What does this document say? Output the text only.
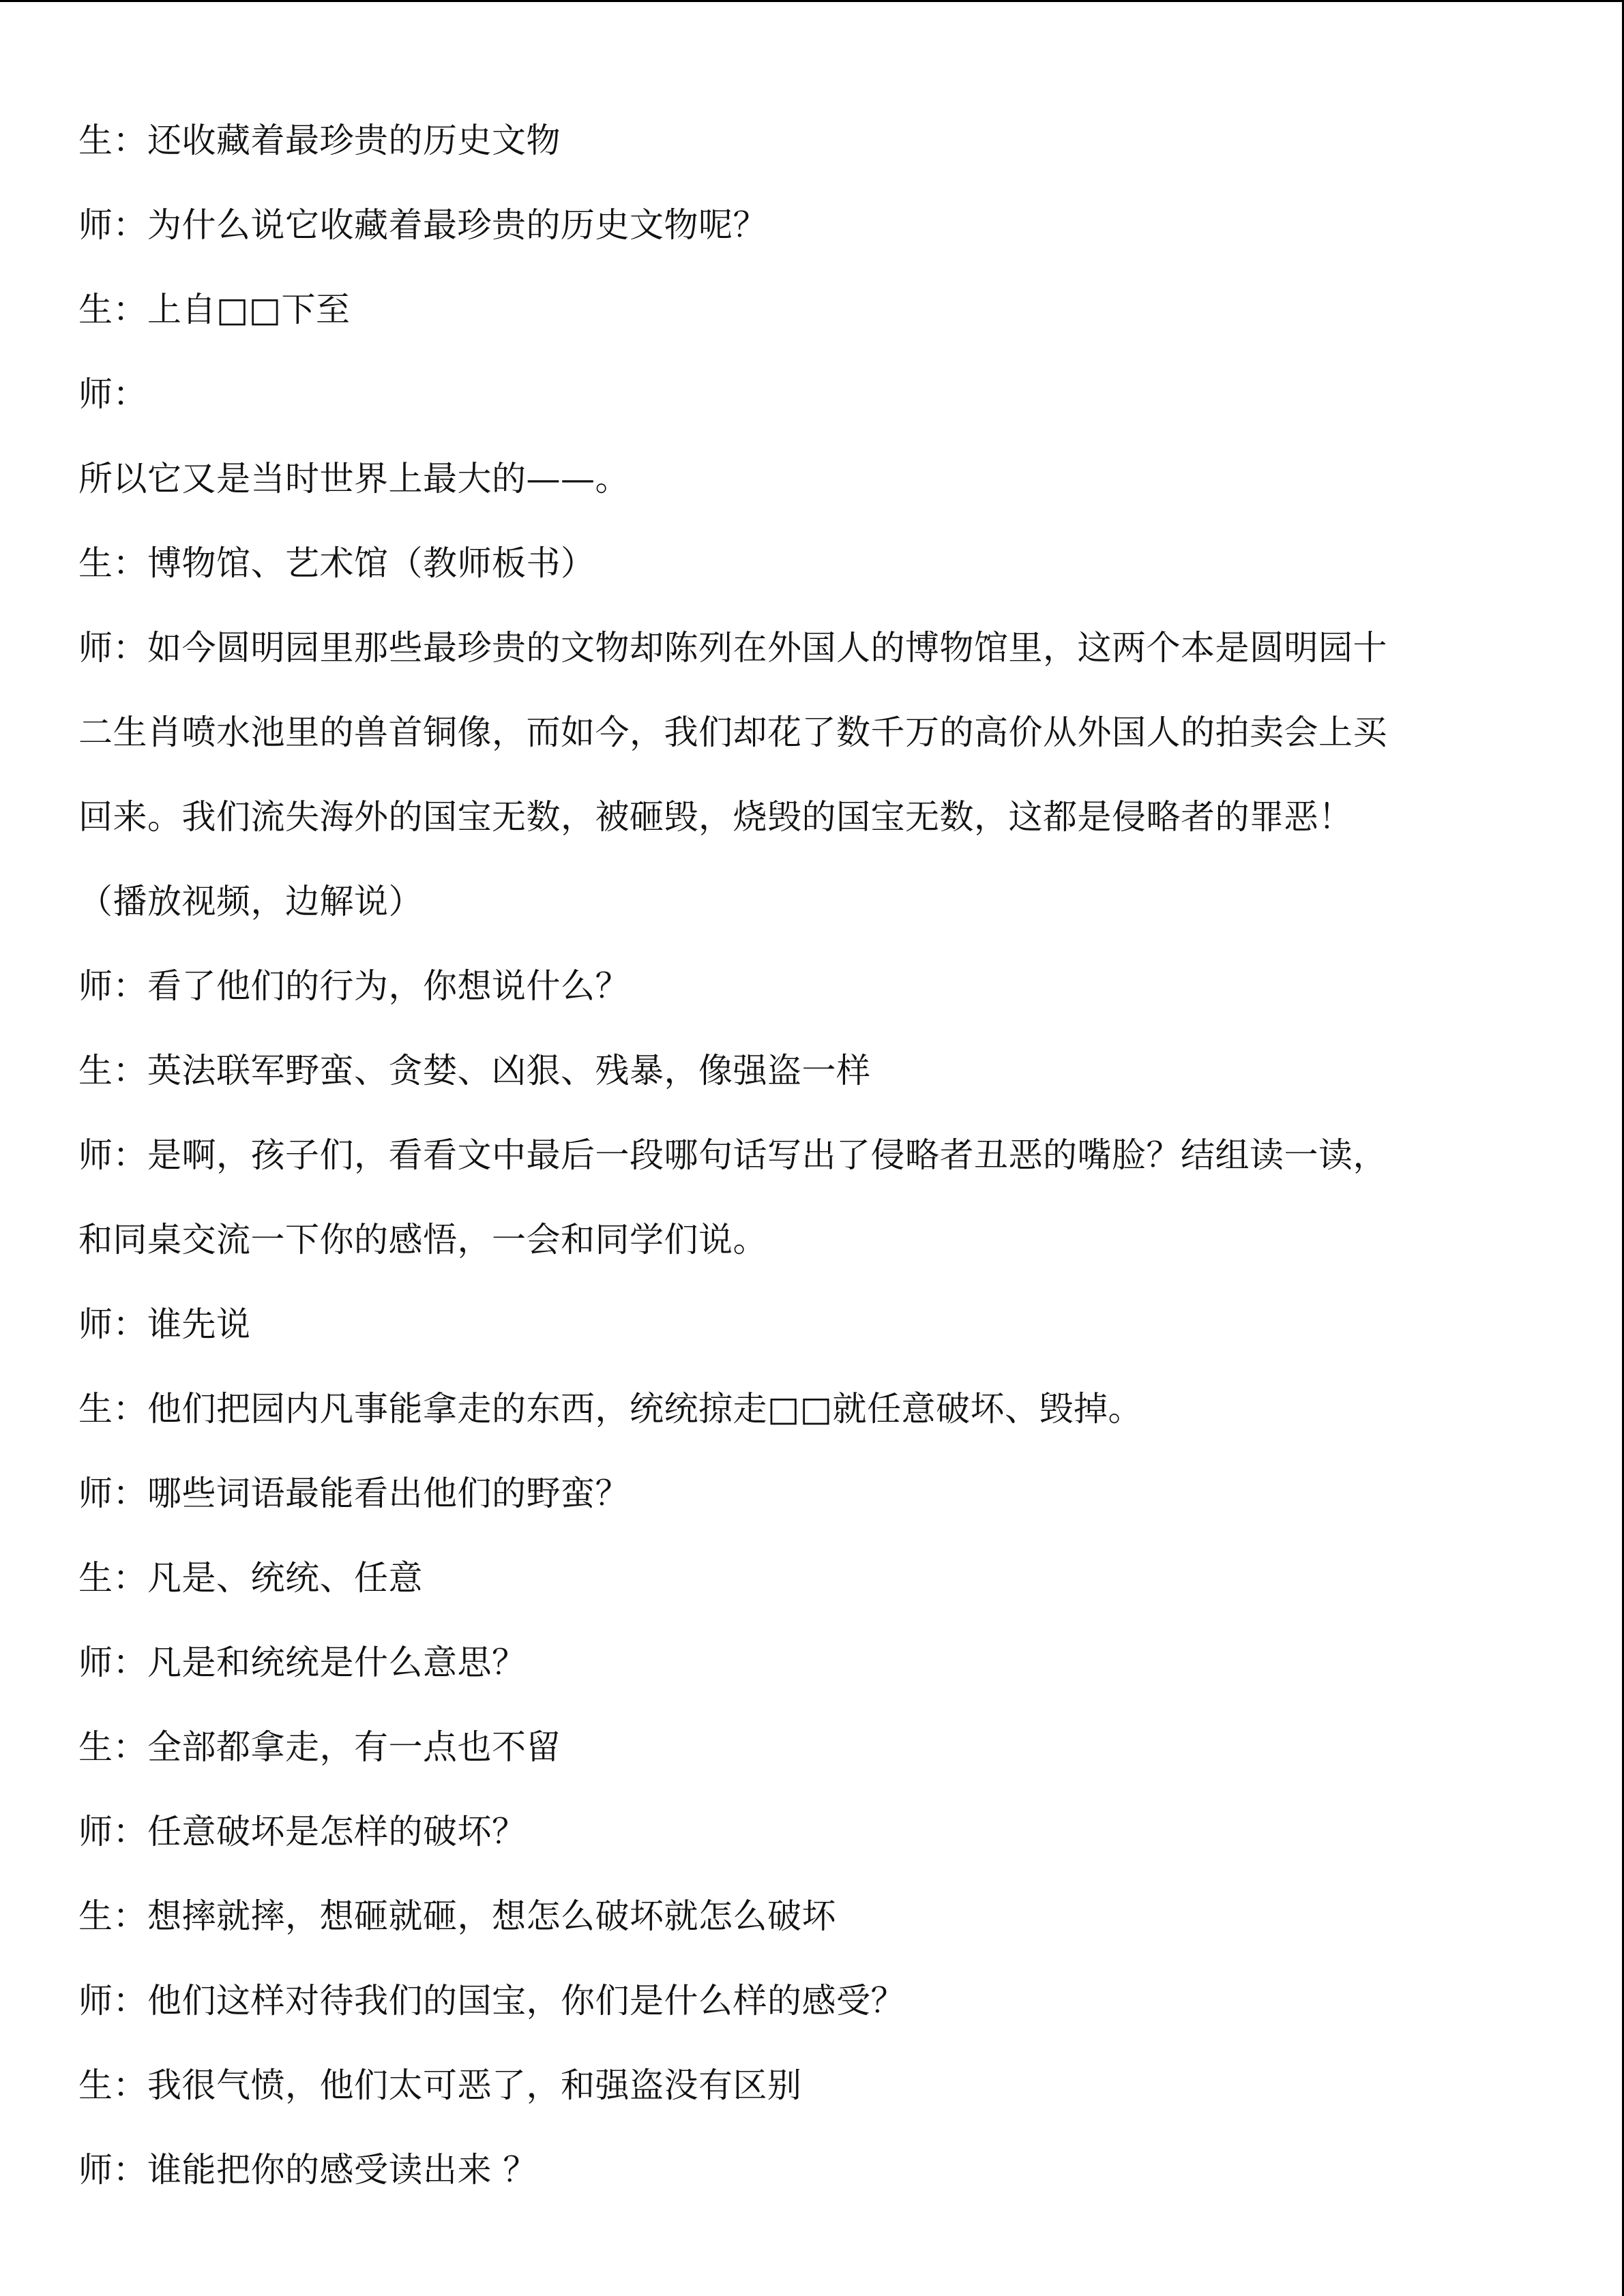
生：还收藏着最珍贵的历史文物
师：为什么说它收藏着最珍贵的历史文物呢？
生：上自□□下至
师：
所以它又是当时世界上最大的——。
生：博物馆、艺术馆（教师板书）
师：如今圆明园里那些最珍贵的文物却陈列在外国人的博物馆里，这两个本是圆明园十
二生肖喷水池里的兽首铜像，而如今，我们却花了数千万的高价从外国人的拍卖会上买
回来。我们流失海外的国宝无数，被砸毁，烧毁的国宝无数，这都是侵略者的罪恶！
（播放视频，边解说）
师：看了他们的行为，你想说什么？
生：英法联军野蛮、贪婪、凶狠、残暴，像强盗一样
师：是啊，孩子们，看看文中最后一段哪句话写出了侵略者丑恶的嘴脸？结组读一读，
和同桌交流一下你的感悟，一会和同学们说。
师：谁先说
生：他们把园内凡事能拿走的东西，统统掠走□□就任意破坏、毁掉。
师：哪些词语最能看出他们的野蛮？
生：凡是、统统、任意
师：凡是和统统是什么意思？
生：全部都拿走，有一点也不留
师：任意破坏是怎样的破坏？
生：想摔就摔，想砸就砸，想怎么破坏就怎么破坏
师：他们这样对待我们的国宝，你们是什么样的感受？
生：我很气愤，他们太可恶了，和强盗没有区别
师：谁能把你的感受读出来 ？
